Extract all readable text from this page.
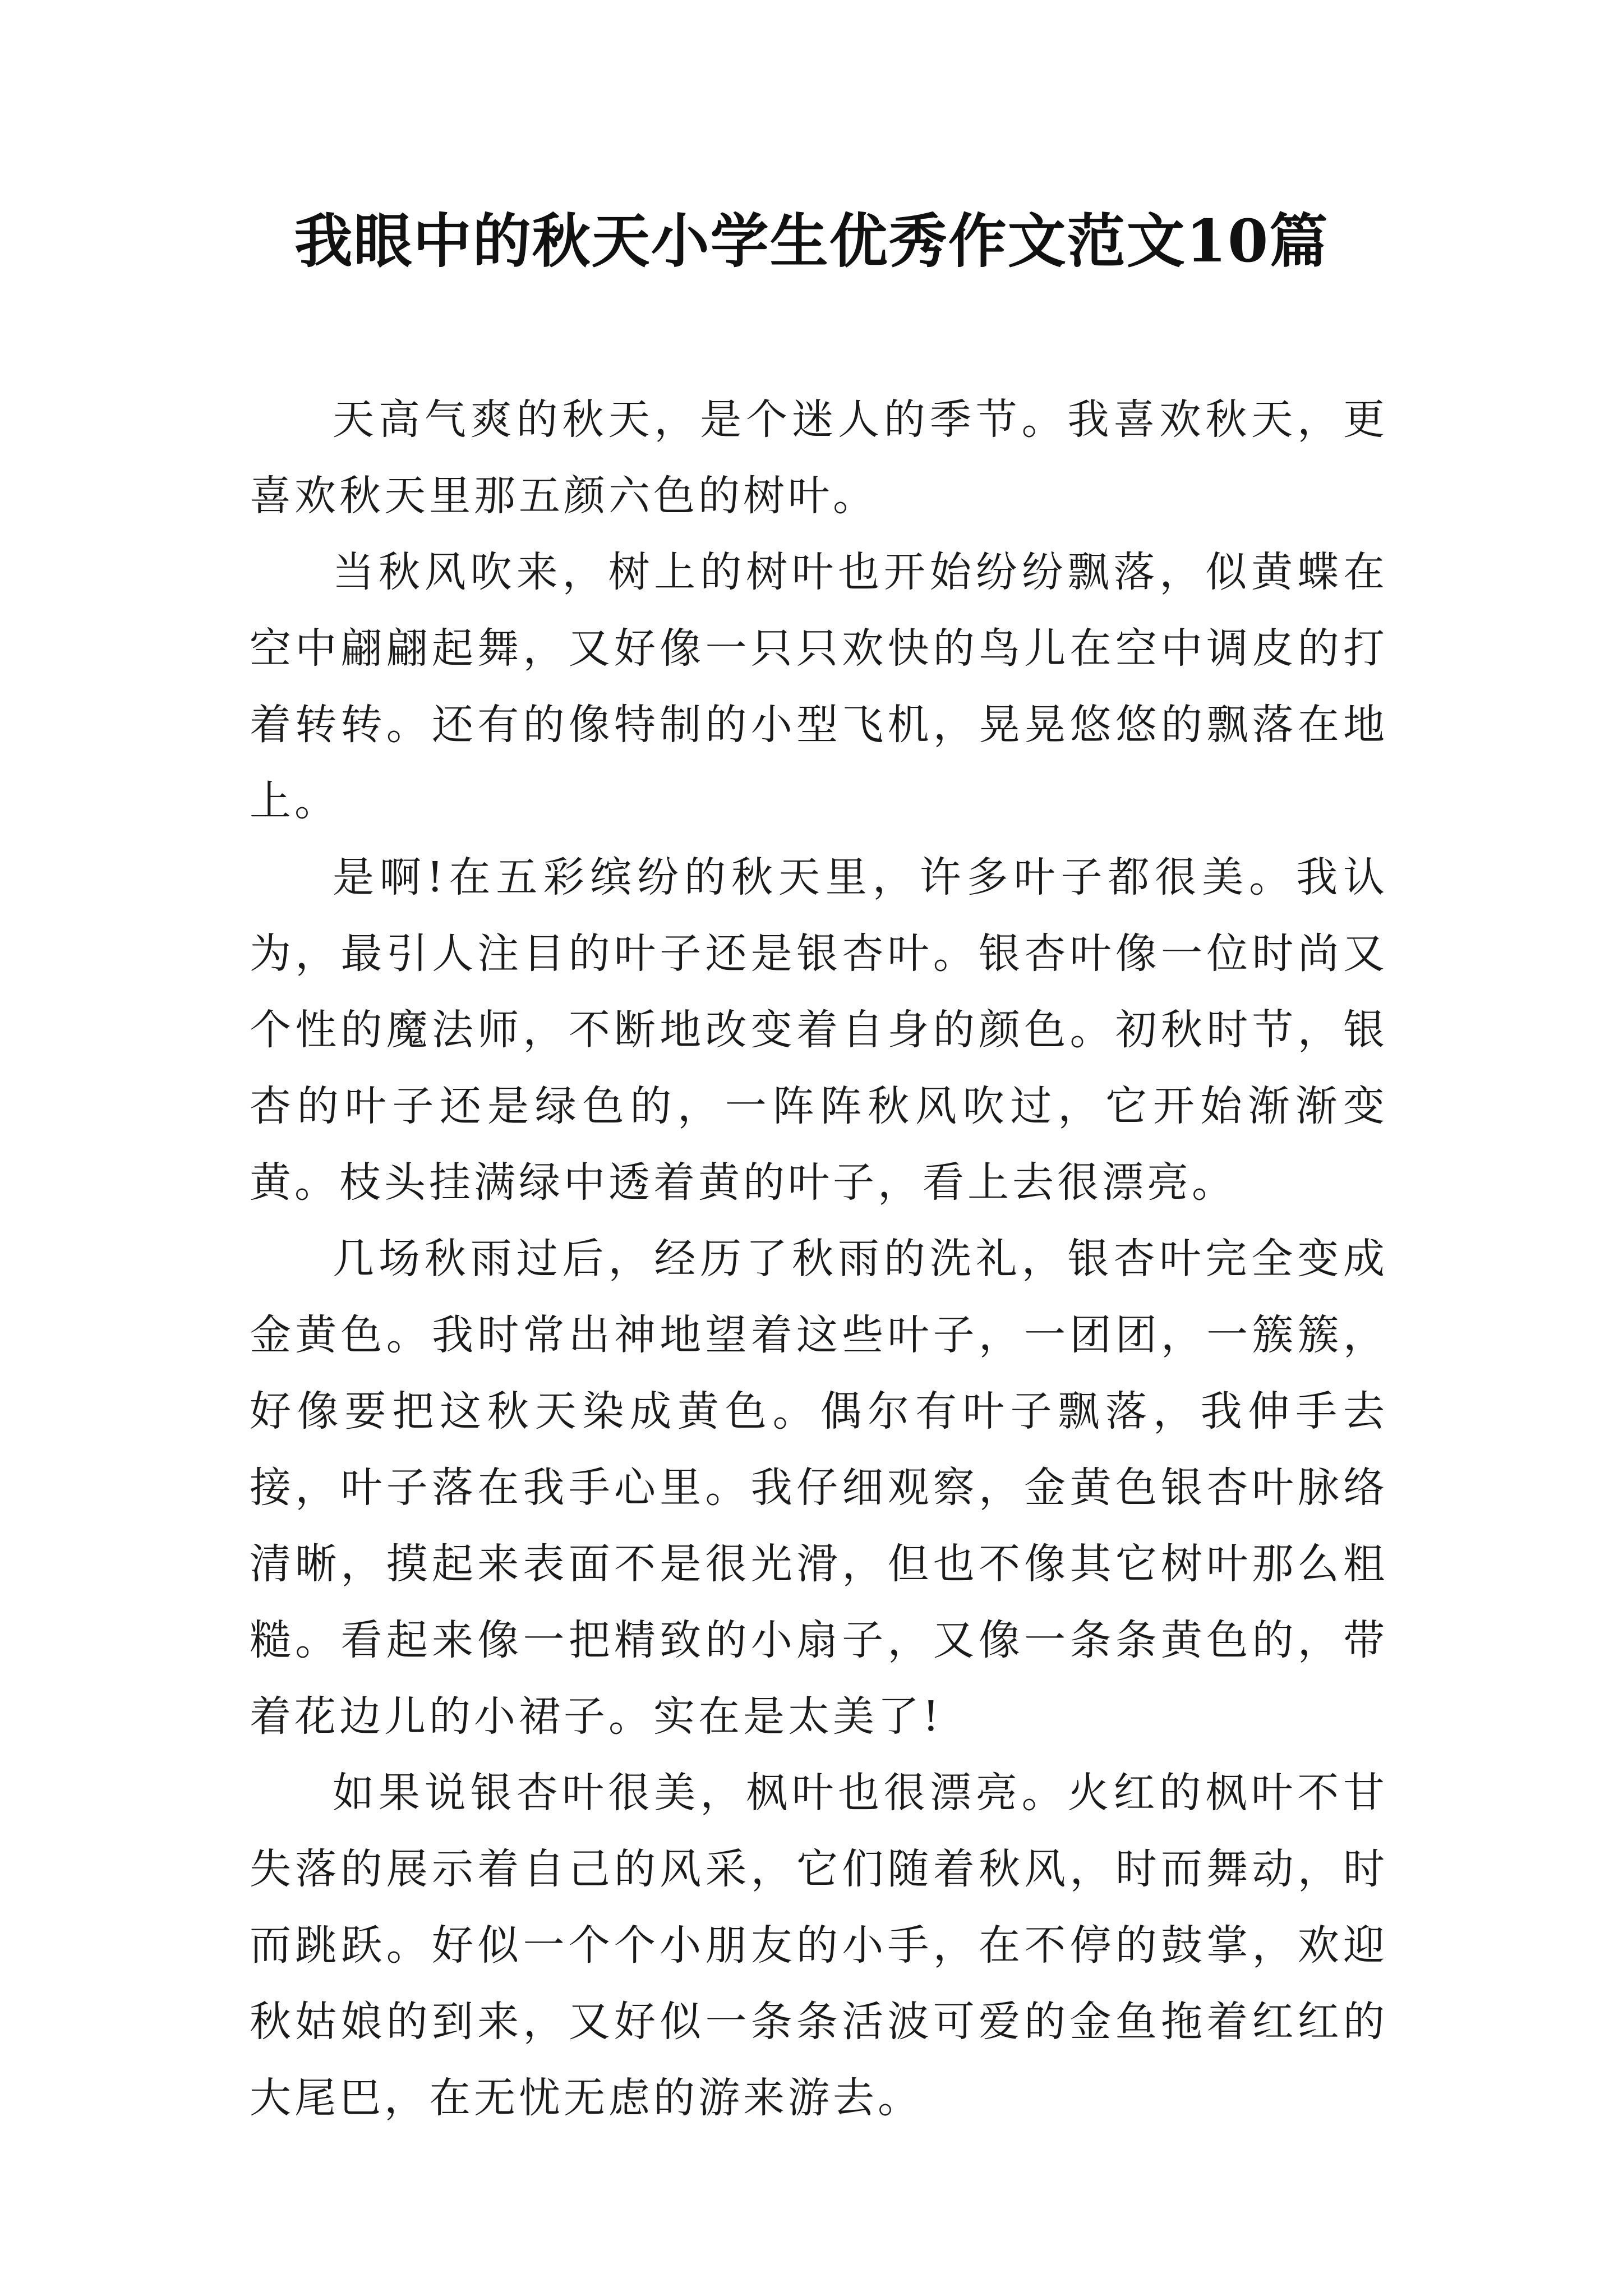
我眼中的秋天小学生优秀作文范文10篇

天高气爽的秋天，是个迷人的季节。我喜欢秋天，更喜欢秋天里那五颜六色的树叶。

当秋风吹来，树上的树叶也开始纷纷飘落，似黄蝶在空中翩翩起舞，又好像一只只欢快的鸟儿在空中调皮的打着转转。还有的像特制的小型飞机，晃晃悠悠的飘落在地上。

是啊!在五彩缤纷的秋天里，许多叶子都很美。我认为，最引人注目的叶子还是银杏叶。银杏叶像一位时尚又个性的魔法师，不断地改变着自身的颜色。初秋时节，银杏的叶子还是绿色的，一阵阵秋风吹过，它开始渐渐变黄。枝头挂满绿中透着黄的叶子，看上去很漂亮。

几场秋雨过后，经历了秋雨的洗礼，银杏叶完全变成金黄色。我时常出神地望着这些叶子，一团团，一簇簇，好像要把这秋天染成黄色。偶尔有叶子飘落，我伸手去接，叶子落在我手心里。我仔细观察，金黄色银杏叶脉络清晰，摸起来表面不是很光滑，但也不像其它树叶那么粗糙。看起来像一把精致的小扇子，又像一条条黄色的，带着花边儿的小裙子。实在是太美了!

如果说银杏叶很美，枫叶也很漂亮。火红的枫叶不甘失落的展示着自己的风采，它们随着秋风，时而舞动，时而跳跃。好似一个个小朋友的小手，在不停的鼓掌，欢迎秋姑娘的到来，又好似一条条活波可爱的金鱼拖着红红的大尾巴，在无忧无虑的游来游去。
